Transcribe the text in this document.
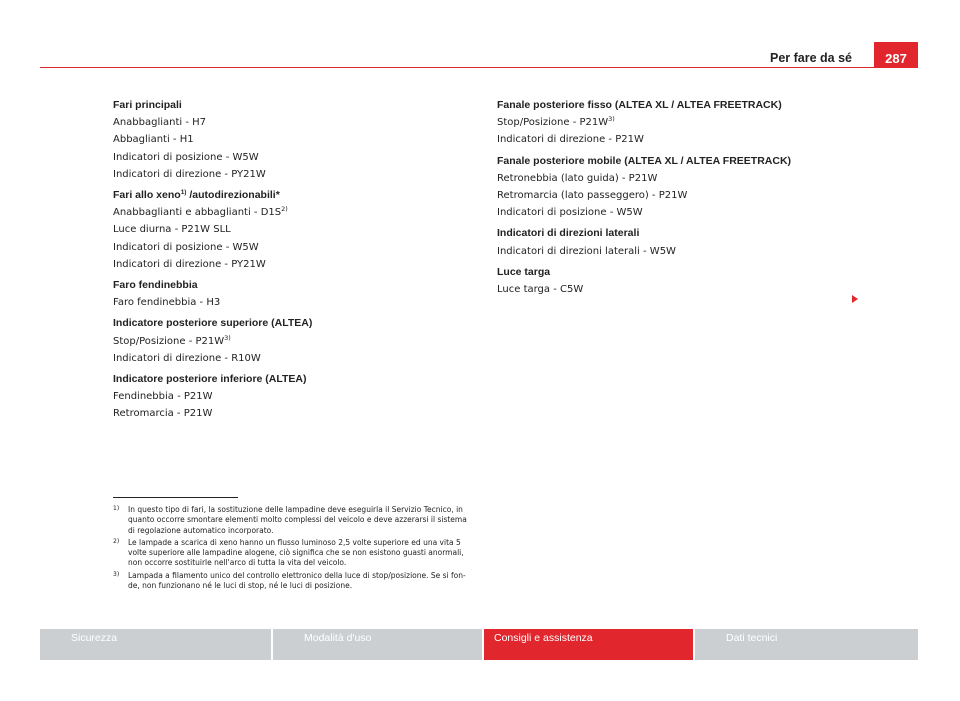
Per fare da sé	287
Fari principali
Anabbaglianti - H7
Abbaglianti - H1
Indicatori di posizione - W5W
Indicatori di direzione - PY21W
Fari allo xeno$^{1)}$ /autodirezionabili*
Anabbaglianti e abbaglianti - $D1S^{2)}$
Luce diurna - P21W SLL
Indicatori di posizione - W5W
Indicatori di direzione - PY21W
Faro fendinebbia
Faro fendinebbia - H3
Indicatore posteriore superiore (ALTEA)
Stop/Posizione - $P21W^{3)}$
Indicatori di direzione - R10W
Indicatore posteriore inferiore (ALTEA)
Fendinebbia - P21W
Retromarcia - P21W
Fanale posteriore fisso (ALTEA XL / ALTEA FREETRACK)
Stop/Posizione - $P21W^{3)}$
Indicatori di direzione - P21W
Fanale posteriore mobile (ALTEA XL / ALTEA FREETRACK)
Retronebbia (lato guida) - P21W
Retromarcia (lato passeggero) - P21W
Indicatori di posizione - W5W
Indicatori di direzioni laterali
Indicatori di direzioni laterali - W5W
Luce targa
Luce targa - C5W
1)	In questo tipo di fari, la sostituzione delle lampadine deve eseguirla il Servizio Tecnico, in quanto occorre smontare elementi molto complessi del veicolo e deve azzerarsi il sistema di regolazione automatico incorporato.
2)	Le lampade a scarica di xeno hanno un flusso luminoso 2,5 volte superiore ed una vita 5 volte superiore alle lampadine alogene, ciò significa che se non esistono guasti anormali, non occorre sostituirle nell'arco di tutta la vita del veicolo.
3)	Lampada a filamento unico del controllo elettronico della luce di stop/posizione. Se si fon-de, non funzionano né le luci di stop, né le luci di posizione.
Sicurezza	Modalità d'uso	Consigli e assistenza	Dati tecnici
